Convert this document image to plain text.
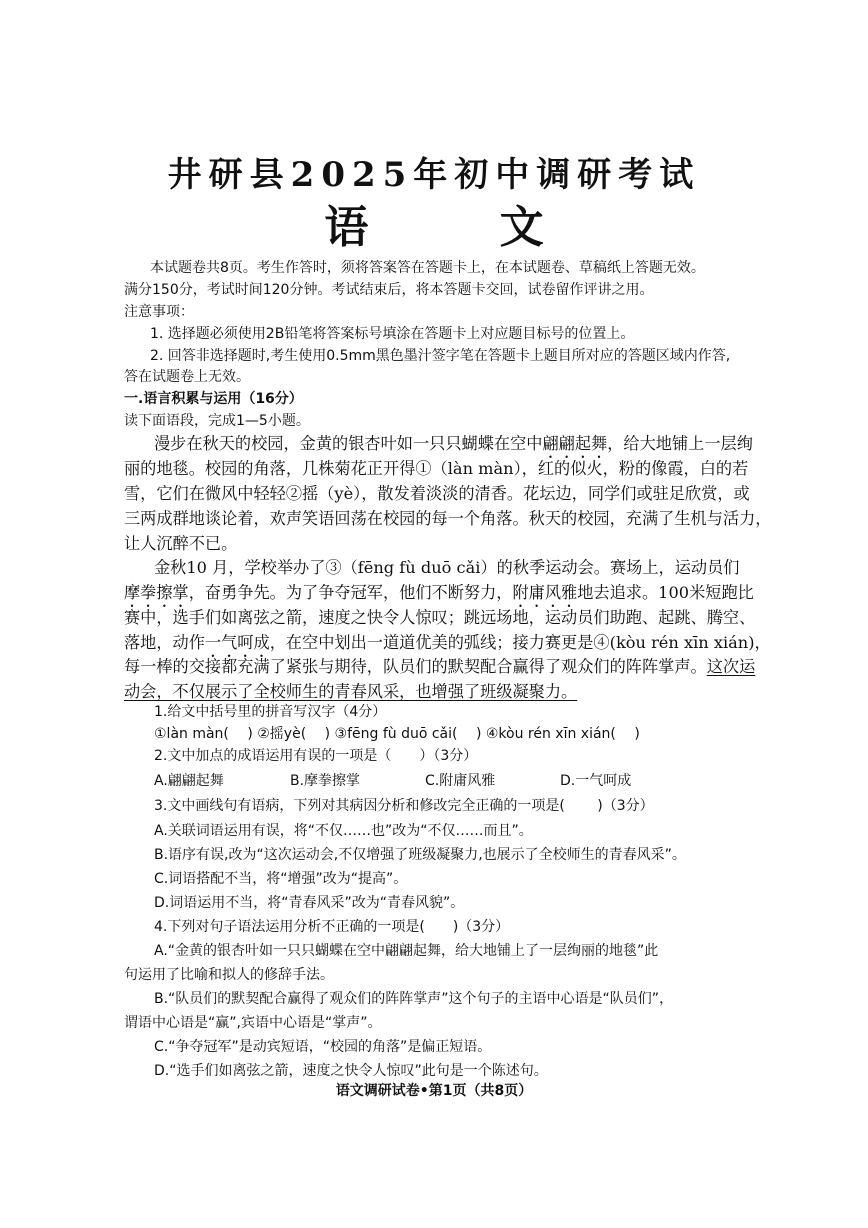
井研县2025年初中调研考试
语 文
本试题卷共8页。考生作答时，须将答案答在答题卡上，在本试题卷、草稿纸上答题无效。
满分150分，考试时间120分钟。考试结束后，将本答题卡交回，试卷留作评讲之用。
注意事项：
1. 选择题必须使用2B铅笔将答案标号填涂在答题卡上对应题目标号的位置上。
2. 回答非选择题时,考生使用0.5mm黑色墨汁签字笔在答题卡上题目所对应的答题区域内作答,
答在试题卷上无效。
一.语言积累与运用（16分）
读下面语段，完成1—5小题。
漫步在秋天的校园，金黄的银杏叶如一只只蝴蝶在空中翩翩起舞，给大地铺上一层绚
丽的地毯。校园的角落，几株菊花正开得①（làn màn），红的似火，粉的像霞，白的若
雪，它们在微风中轻轻②摇（yè），散发着淡淡的清香。花坛边，同学们或驻足欣赏，或
三两成群地谈论着，欢声笑语回荡在校园的每一个角落。秋天的校园，充满了生机与活力，
让人沉醉不已。
金秋10 月，学校举办了③（fēng fù duō cǎi）的秋季运动会。赛场上，运动员们
摩拳擦掌，奋勇争先。为了争夺冠军，他们不断努力，附庸风雅地去追求。100米短跑比
赛中，选手们如离弦之箭，速度之快令人惊叹；跳远场地，运动员们助跑、起跳、腾空、
落地，动作一气呵成，在空中划出一道道优美的弧线；接力赛更是④(kòu rén xīn xián)，
每一棒的交接都充满了紧张与期待，队员们的默契配合赢得了观众们的阵阵掌声。这次运
动会，不仅展示了全校师生的青春风采，也增强了班级凝聚力。
1.给文中括号里的拼音写汉字（4分）
①làn màn(　 ) ②摇yè(　 ) ③fēng fù duō cǎi(　 ) ④kòu rén xīn xián(　 )
2.文中加点的成语运用有误的一项是（　　）（3分）
A.翩翩起舞	B.摩拳擦掌	C.附庸风雅	D.一气呵成
3.文中画线句有语病，下列对其病因分析和修改完全正确的一项是(　　 )（3分）
A.关联词语运用有误，将“不仅……也”改为“不仅……而且”。
B.语序有误,改为“这次运动会,不仅增强了班级凝聚力,也展示了全校师生的青春风采”。
C.词语搭配不当，将“增强”改为“提高”。
D.词语运用不当，将“青春风采”改为“青春风貌”。
4.下列对句子语法运用分析不正确的一项是(　　)（3分）
A.“金黄的银杏叶如一只只蝴蝶在空中翩翩起舞，给大地铺上了一层绚丽的地毯”此
句运用了比喻和拟人的修辞手法。
B.“队员们的默契配合赢得了观众们的阵阵掌声”这个句子的主语中心语是“队员们”，
谓语中心语是“赢”,宾语中心语是“掌声”。
C.“争夺冠军”是动宾短语，“校园的角落”是偏正短语。
D.“选手们如离弦之箭，速度之快令人惊叹”此句是一个陈述句。
语文调研试卷•第1页（共8页）
